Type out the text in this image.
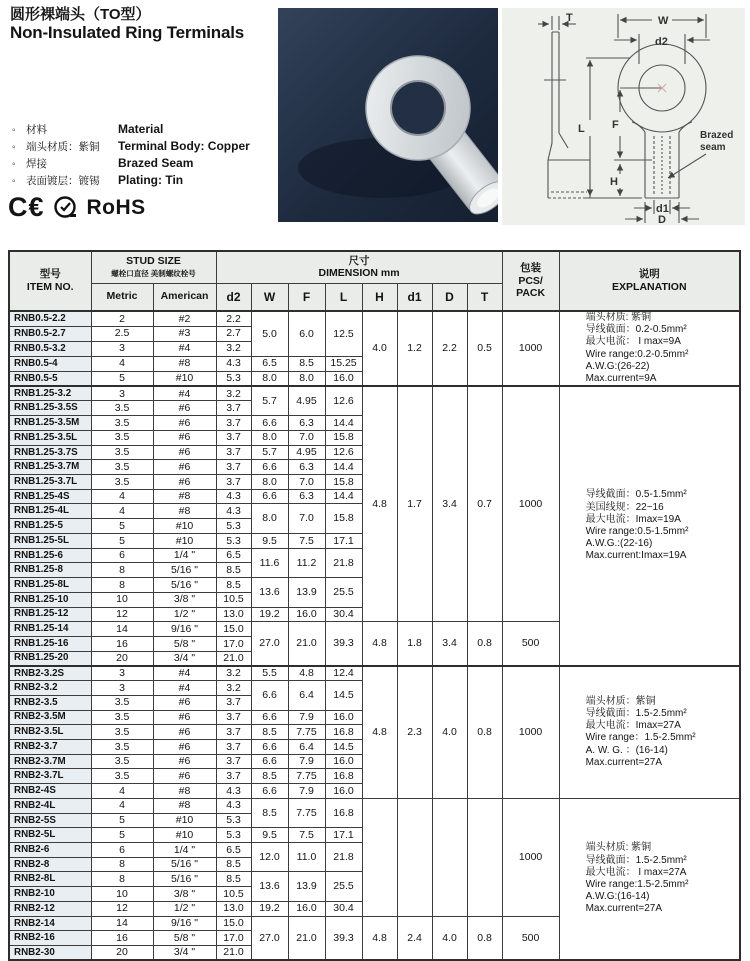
圆形裸端头（TO型）
Non-Insulated Ring Terminals
◦ 材料	Material
◦ 端头材质：紫铜	Terminal Body: Copper
◦ 焊接	Brazed Seam
◦ 表面镀层：镀锡	Plating: Tin
C€ RoHS
T	W
d2
L F
H
d1
D
Brazed
seam
型号
ITEM NO.

STUD SIZE
螺栓口直径 美制螺纹栓号

尺寸
DIMENSION mm	包装
PCS/
PACK

说明
EXPLANATION

	Metric	American	d2	W	F	L	H	d1	D	T		
RNB0.5-2.2	2	#2	2.2	5.0	6.0	12.5	4.0	1.2	2.2	0.5	1000	
端头材质: 紫铜
导线截面：0.2-0.5mm²
最大电流： I max=9A
Wire range:0.2-0.5mm²
A.W.G:(26-22)
Max.current=9A

RNB0.5-2.7	2.5	#3	2.7									
RNB0.5-3.2	3	#4	3.2									
RNB0.5-4	4	#8	4.3	6.5	8.5	15.25						
RNB0.5-5	5	#10	5.3	8.0	8.0	16.0						
RNB1.25-3.2	3	#4	3.2	5.7	4.95	12.6	4.8	1.7	3.4	0.7	1000	
导线截面：0.5-1.5mm²
美国线规：22~16
最大电流：Imax=19A
Wire range:0.5-1.5mm²
A.W.G.:(22-16)
Max.current:Imax=19A

RNB1.25-3.5S	3.5	#6	3.7									
RNB1.25-3.5M	3.5	#6	3.7	6.6	6.3	14.4						
RNB1.25-3.5L	3.5	#6	3.7	8.0	7.0	15.8						
RNB1.25-3.7S	3.5	#6	3.7	5.7	4.95	12.6						
RNB1.25-3.7M	3.5	#6	3.7	6.6	6.3	14.4						
RNB1.25-3.7L	3.5	#6	3.7	8.0	7.0	15.8						
RNB1.25-4S	4	#8	4.3	6.6	6.3	14.4						
RNB1.25-4L	4	#8	4.3	8.0	7.0	15.8						
RNB1.25-5	5	#10	5.3									
RNB1.25-5L	5	#10	5.3	9.5	7.5	17.1						
RNB1.25-6	6	1/4 "	6.5	11.6	11.2	21.8						
RNB1.25-8	8	5/16 "	8.5									
RNB1.25-8L	8	5/16 "	8.5	13.6	13.9	25.5						
RNB1.25-10	10	3/8 "	10.5									
RNB1.25-12	12	1/2 "	13.0	19.2	16.0	30.4						
RNB1.25-14	14	9/16 "	15.0	27.0	21.0	39.3	4.8	1.8	3.4	0.8	500	
RNB1.25-16	16	5/8 "	17.0									
RNB1.25-20	20	3/4 "	21.0									
RNB2-3.2S	3	#4	3.2	5.5	4.8	12.4	4.8	2.3	4.0	0.8	1000	
端头材质：紫铜
导线截面：1.5-2.5mm²
最大电流：Imax=27A
Wire range：1.5-2.5mm²
A. W. G. ：(16-14)
Max.current=27A

RNB2-3.2	3	#4	3.2	6.6	6.4	14.5						
RNB2-3.5	3.5	#6	3.7									
RNB2-3.5M	3.5	#6	3.7	6.6	7.9	16.0						
RNB2-3.5L	3.5	#6	3.7	8.5	7.75	16.8						
RNB2-3.7	3.5	#6	3.7	6.6	6.4	14.5						
RNB2-3.7M	3.5	#6	3.7	6.6	7.9	16.0						
RNB2-3.7L	3.5	#6	3.7	8.5	7.75	16.8						
RNB2-4S	4	#8	4.3	6.6	7.9	16.0						
RNB2-4L	4	#8	4.3	8.5	7.75	16.8					1000	
端头材质: 紫铜
导线截面：1.5-2.5mm²
最大电流： I max=27A
Wire range:1.5-2.5mm²
A.W.G:(16-14)
Max.current=27A

RNB2-5S	5	#10	5.3									
RNB2-5L	5	#10	5.3	9.5	7.5	17.1						
RNB2-6	6	1/4 "	6.5	12.0	11.0	21.8						
RNB2-8	8	5/16 "	8.5									
RNB2-8L	8	5/16 "	8.5	13.6	13.9	25.5						
RNB2-10	10	3/8 "	10.5									
RNB2-12	12	1/2 "	13.0	19.2	16.0	30.4						
RNB2-14	14	9/16 "	15.0	27.0	21.0	39.3	4.8	2.4	4.0	0.8	500	
RNB2-16	16	5/8 "	17.0									
RNB2-30	20	3/4 "	21.0									
